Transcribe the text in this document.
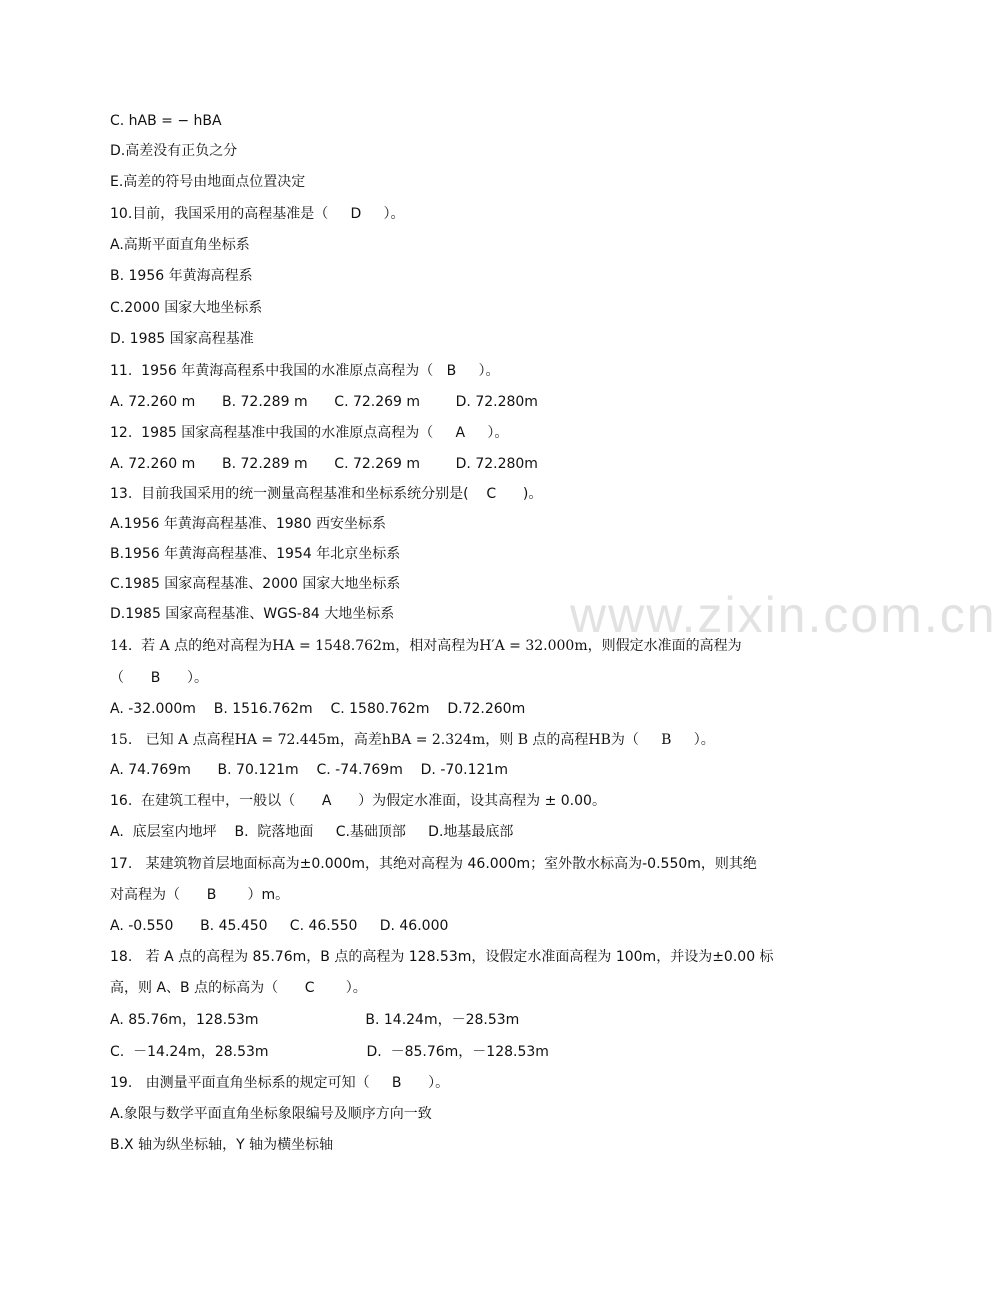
www.zixin.com.cn
C. hAB = − hBA
D.高差没有正负之分
E.高差的符号由地面点位置决定
10.目前，我国采用的高程基准是（     D     ）。
A.高斯平面直角坐标系
B. 1956 年黄海高程系
C.2000 国家大地坐标系
D. 1985 国家高程基准
11.  1956 年黄海高程系中我国的水准原点高程为（   B     ）。
A. 72.260 m      B. 72.289 m      C. 72.269 m        D. 72.280m
12.  1985 国家高程基准中我国的水准原点高程为（     A     ）。
A. 72.260 m      B. 72.289 m      C. 72.269 m        D. 72.280m
13.  目前我国采用的统一测量高程基准和坐标系统分别是(    C      )。
A.1956 年黄海高程基准、1980 西安坐标系
B.1956 年黄海高程基准、1954 年北京坐标系
C.1985 国家高程基准、2000 国家大地坐标系
D.1985 国家高程基准、WGS-84 大地坐标系
14.  若 A 点的绝对高程为HA = 1548.762m，相对高程为H′A = 32.000m，则假定水准面的高程为
（      B      ）。
A. -32.000m    B. 1516.762m    C. 1580.762m    D.72.260m
15.   已知 A 点高程HA = 72.445m，高差hBA = 2.324m，则 B 点的高程HB为（     B     ）。
A. 74.769m      B. 70.121m    C. -74.769m    D. -70.121m
16.  在建筑工程中，一般以（      A      ）为假定水准面，设其高程为 ± 0.00。
A.  底层室内地坪    B.  院落地面     C.基础顶部     D.地基最底部
17.   某建筑物首层地面标高为±0.000m，其绝对高程为 46.000m；室外散水标高为-0.550m，则其绝
对高程为（      B       ）m。
A. -0.550      B. 45.450     C. 46.550     D. 46.000
18.   若 A 点的高程为 85.76m，B 点的高程为 128.53m，设假定水准面高程为 100m，并设为±0.00 标
高，则 A、B 点的标高为（      C       ）。
A. 85.76m，128.53m                        B. 14.24m，－28.53m
C.  －14.24m，28.53m                      D.  －85.76m，－128.53m
19.   由测量平面直角坐标系的规定可知（     B      ）。
A.象限与数学平面直角坐标象限编号及顺序方向一致
B.X 轴为纵坐标轴，Y 轴为横坐标轴
